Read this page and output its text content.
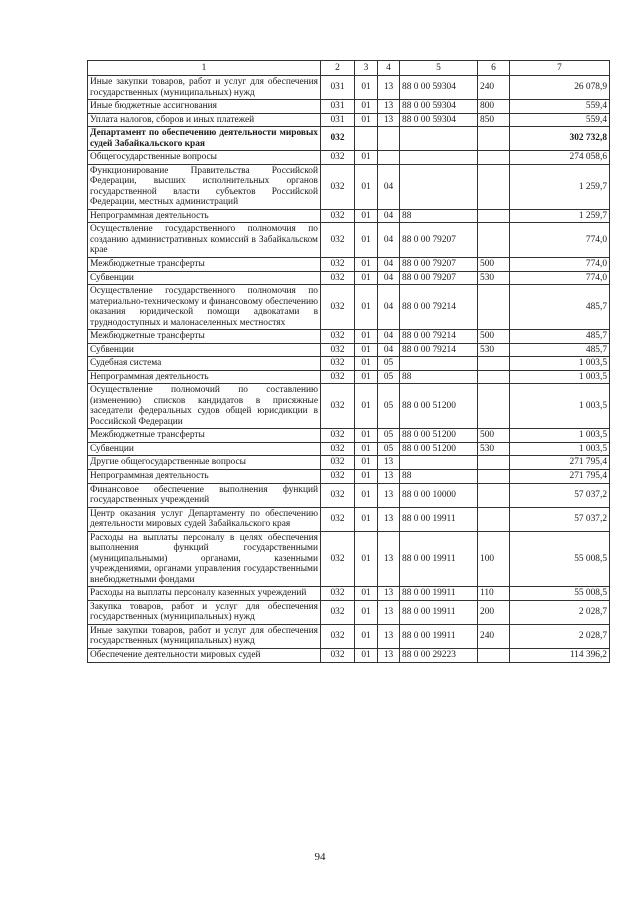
1	2	3	4	5	6	7
Иные закупки товаров, работ и услуг для обеспечения государственных (муниципальных) нужд	031	01	13	88 0 00 59304	240	26 078,9
Иные бюджетные ассигнования	031	01	13	88 0 00 59304	800	559,4
Уплата налогов, сборов и иных платежей	031	01	13	88 0 00 59304	850	559,4
Департамент по обеспечению деятельности мировых судей Забайкальского края	032					302 732,8
Общегосударственные вопросы	032	01				274 058,6
Функционирование Правительства Российской Федерации, высших исполнительных органов государственной власти субъектов Российской Федерации, местных администраций	032	01	04			1 259,7
Непрограммная деятельность	032	01	04	88		1 259,7
Осуществление государственного полномочия по созданию административных комиссий в Забайкальском крае	032	01	04	88 0 00 79207		774,0
Межбюджетные трансферты	032	01	04	88 0 00 79207	500	774,0
Субвенции	032	01	04	88 0 00 79207	530	774,0
Осуществление государственного полномочия по материально-техническому и финансовому обеспечению оказания юридической помощи адвокатами в труднодоступных и малонаселенных местностях	032	01	04	88 0 00 79214		485,7
Межбюджетные трансферты	032	01	04	88 0 00 79214	500	485,7
Субвенции	032	01	04	88 0 00 79214	530	485,7
Судебная система	032	01	05			1 003,5
Непрограммная деятельность	032	01	05	88		1 003,5
Осуществление полномочий по составлению (изменению) списков кандидатов в присяжные заседатели федеральных судов общей юрисдикции в Российской Федерации	032	01	05	88 0 00 51200		1 003,5
Межбюджетные трансферты	032	01	05	88 0 00 51200	500	1 003,5
Субвенции	032	01	05	88 0 00 51200	530	1 003,5
Другие общегосударственные вопросы	032	01	13			271 795,4
Непрограммная деятельность	032	01	13	88		271 795,4
Финансовое обеспечение выполнения функций государственных учреждений	032	01	13	88 0 00 10000		57 037,2
Центр оказания услуг Департаменту по обеспечению деятельности мировых судей Забайкальского края	032	01	13	88 0 00 19911		57 037,2
Расходы на выплаты персоналу в целях обеспечения выполнения функций государственными (муниципальными) органами, казенными учреждениями, органами управления государственными внебюджетными фондами	032	01	13	88 0 00 19911	100	55 008,5
Расходы на выплаты персоналу казенных учреждений	032	01	13	88 0 00 19911	110	55 008,5
Закупка товаров, работ и услуг для обеспечения государственных (муниципальных) нужд	032	01	13	88 0 00 19911	200	2 028,7
Иные закупки товаров, работ и услуг для обеспечения государственных (муниципальных) нужд	032	01	13	88 0 00 19911	240	2 028,7
Обеспечение деятельности мировых судей	032	01	13	88 0 00 29223		114 396,2
94
